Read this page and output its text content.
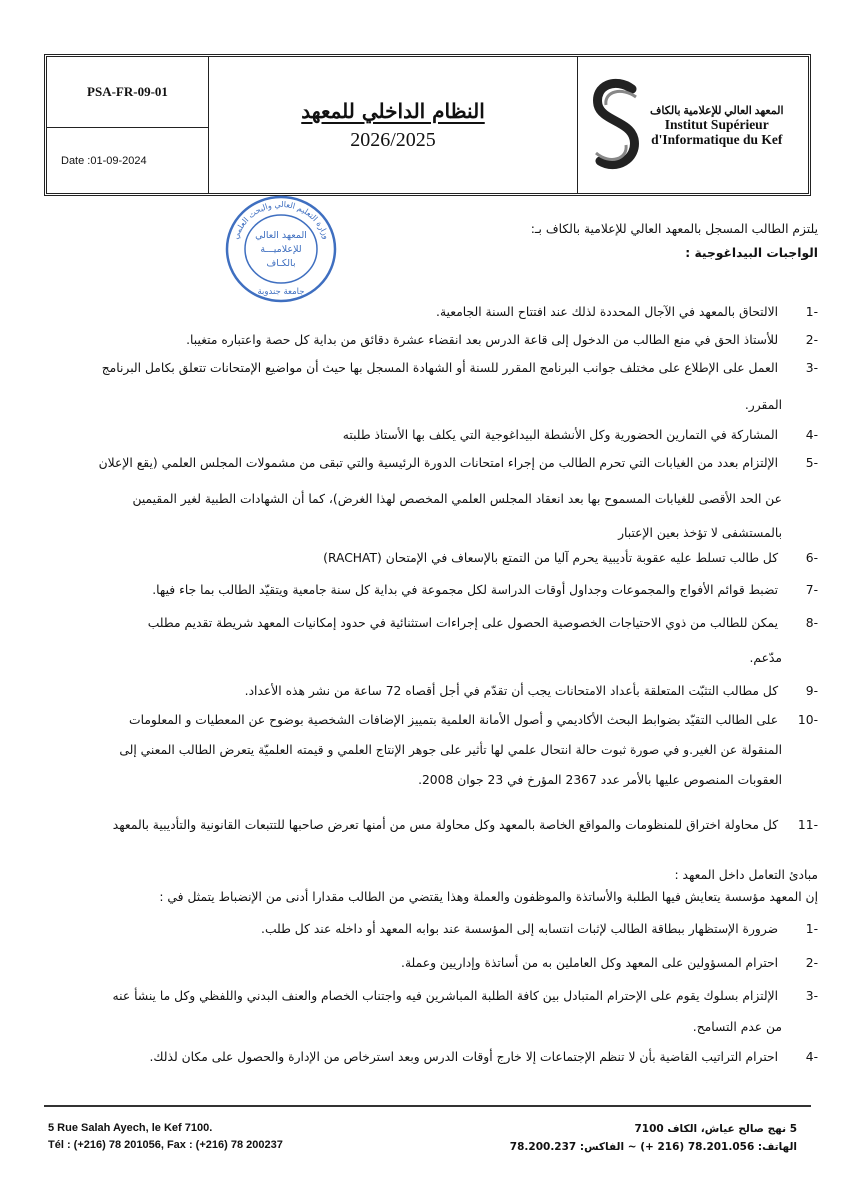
PSA-FR-09-01
Date :01-09-2024
النظام الداخلي للمعهد
2026/2025
المعهد العالي للإعلامية بالكاف
Institut Supérieur
d'Informatique du Kef
وزارة التعليم العالي والبحث العلمي
المعهد العالي
للإعلاميـــة
بالكـاف
جامعة جندوبة
يلتزم الطالب المسجل بالمعهد العالي للإعلامية بالكاف بـ:
الواجبات البيداغوجية :
-1 الالتحاق بالمعهد في الآجال المحددة لذلك عند افتتاح السنة الجامعية.
-2 للأستاذ الحق في منع الطالب من الدخول إلى قاعة الدرس بعد انقضاء عشرة دقائق من بداية كل حصة واعتباره متغيبا.
-3 العمل على الإطلاع على مختلف جوانب البرنامج المقرر للسنة أو الشهادة المسجل بها حيث أن مواضيع الإمتحانات تتعلق بكامل البرنامج
المقرر.
-4 المشاركة في التمارين الحضورية وكل الأنشطة البيداغوجية التي يكلف بها الأستاذ طلبته
-5 الإلتزام بعدد من الغيابات التي تحرم الطالب من إجراء امتحانات الدورة الرئيسية والتي تبقى من مشمولات المجلس العلمي (يقع الإعلان
عن الحد الأقصى للغيابات المسموح بها بعد انعقاد المجلس العلمي المخصص لهذا الغرض)، كما أن الشهادات الطبية لغير المقيمين
بالمستشفى لا تؤخذ بعين الإعتبار
-6 كل طالب تسلط عليه عقوبة تأديبية يحرم آليا من التمتع بالإسعاف في الإمتحان (RACHAT)
-7 تضبط قوائم الأفواج والمجموعات وجداول أوقات الدراسة لكل مجموعة في بداية كل سنة جامعية ويتقيّد الطالب بما جاء فيها.
-8 يمكن للطالب من ذوي الاحتياجات الخصوصية الحصول على إجراءات استثنائية في حدود إمكانيات المعهد شريطة تقديم مطلب
مدّعم.
-9 كل مطالب التثبّت المتعلقة بأعداد الامتحانات يجب أن تقدّم في أجل أقصاه 72 ساعة من نشر هذه الأعداد.
-10 على الطالب التقيّد بضوابط البحث الأكاديمي و أصول الأمانة العلمية بتمييز الإضافات الشخصية بوضوح عن المعطيات و المعلومات
المنقولة عن الغير.و في صورة ثبوت حالة انتحال علمي لها تأثير على جوهر الإنتاج العلمي و قيمته العلميّة يتعرض الطالب المعني إلى
العقوبات المنصوص عليها بالأمر عدد 2367 المؤرخ في 23 جوان 2008.
-11 كل محاولة اختراق للمنظومات والمواقع الخاصة بالمعهد وكل محاولة مس من أمنها تعرض صاحبها للتتبعات القانونية والتأديبية بالمعهد
مبادئ التعامل داخل المعهد :
إن المعهد مؤسسة يتعايش فيها الطلبة والأساتذة والموظفون والعملة وهذا يقتضي من الطالب مقدارا أدنى من الإنضباط يتمثل في :
-1 ضرورة الإستظهار ببطاقة الطالب لإثبات انتسابه إلى المؤسسة عند بوابه المعهد أو داخله عند كل طلب.
-2 احترام المسؤولين على المعهد وكل العاملين به من أساتذة وإداريين وعملة.
-3 الإلتزام بسلوك يقوم على الإحترام المتبادل بين كافة الطلبة المباشرين فيه واجتناب الخصام والعنف البدني واللفظي وكل ما ينشأ عنه
من عدم التسامح.
-4 احترام التراتيب القاضية بأن لا تنظم الإجتماعات إلا خارج أوقات الدرس وبعد استرخاص من الإدارة والحصول على مكان لذلك.
5 Rue Salah Ayech, le Kef 7100.
Tél : (+216) 78 201056, Fax : (+216) 78 200237
5 نهج صالح عياش، الكاف 7100
الهاتف: 78.201.056 (216 +) ~ الفاكس: 78.200.237
